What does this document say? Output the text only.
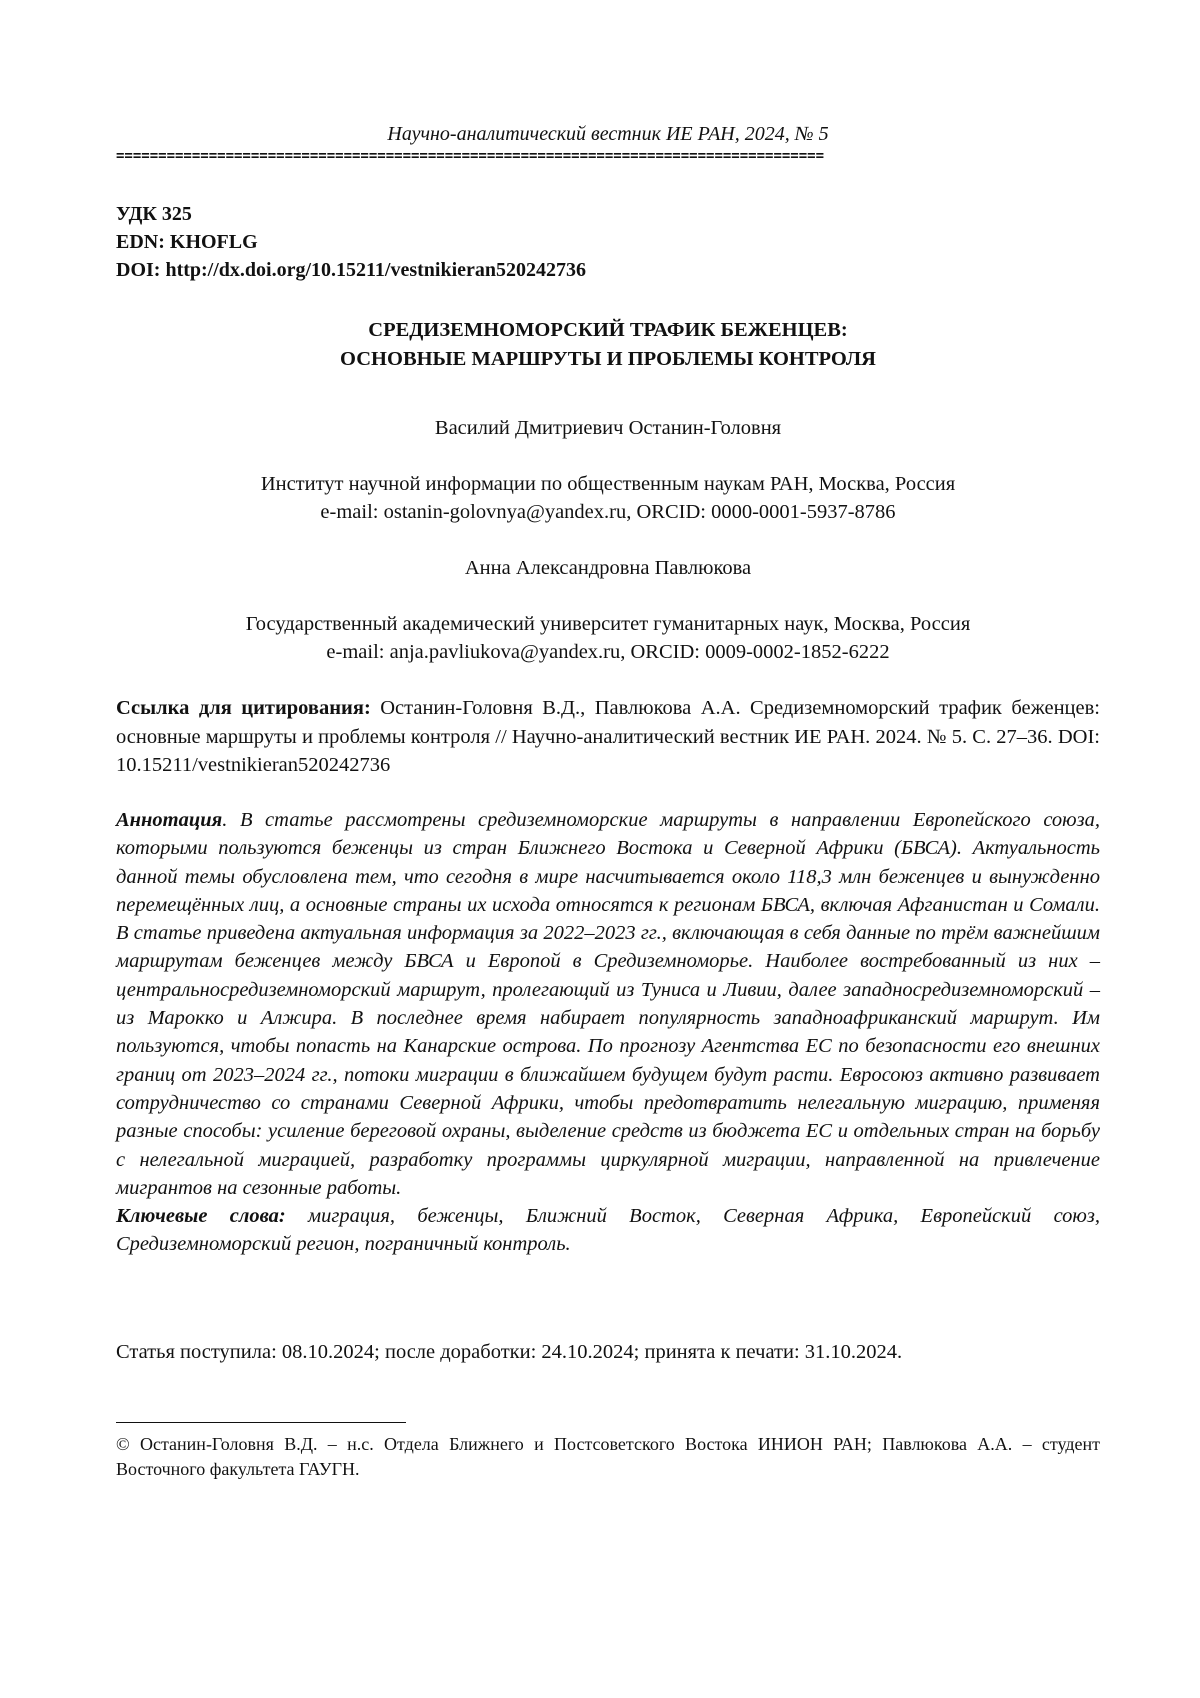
Научно-аналитический вестник ИЕ РАН, 2024, № 5
====================================================================================
УДК 325
EDN: KHOFLG
DOI: http://dx.doi.org/10.15211/vestnikieran520242736
СРЕДИЗЕМНОМОРСКИЙ ТРАФИК БЕЖЕНЦЕВ:
ОСНОВНЫЕ МАРШРУТЫ И ПРОБЛЕМЫ КОНТРОЛЯ
Василий Дмитриевич Останин-Головня
Институт научной информации по общественным наукам РАН, Москва, Россия
e-mail: ostanin-golovnya@yandex.ru, ORCID: 0000-0001-5937-8786
Анна Александровна Павлюкова
Государственный академический университет гуманитарных наук, Москва, Россия
e-mail: anja.pavliukova@yandex.ru, ORCID: 0009-0002-1852-6222
Ссылка для цитирования: Останин-Головня В.Д., Павлюкова А.А. Средиземноморский трафик беженцев: основные маршруты и проблемы контроля // Научно-аналитический вестник ИЕ РАН. 2024. № 5. С. 27–36. DOI: 10.15211/vestnikieran520242736
Аннотация. В статье рассмотрены средиземноморские маршруты в направлении Европейского союза, которыми пользуются беженцы из стран Ближнего Востока и Северной Африки (БВСА). Актуальность данной темы обусловлена тем, что сегодня в мире насчитывается около 118,3 млн беженцев и вынужденно перемещённых лиц, а основные страны их исхода относятся к регионам БВСА, включая Афганистан и Сомали. В статье приведена актуальная информация за 2022–2023 гг., включающая в себя данные по трём важнейшим маршрутам беженцев между БВСА и Европой в Средиземноморье. Наиболее востребованный из них – центральносредиземноморский маршрут, пролегающий из Туниса и Ливии, далее западносредиземноморский – из Марокко и Алжира. В последнее время набирает популярность западноафриканский маршрут. Им пользуются, чтобы попасть на Канарские острова. По прогнозу Агентства ЕС по безопасности его внешних границ от 2023–2024 гг., потоки миграции в ближайшем будущем будут расти. Евросоюз активно развивает сотрудничество со странами Северной Африки, чтобы предотвратить нелегальную миграцию, применяя разные способы: усиление береговой охраны, выделение средств из бюджета ЕС и отдельных стран на борьбу с нелегальной миграцией, разработку программы циркулярной миграции, направленной на привлечение мигрантов на сезонные работы.
Ключевые слова: миграция, беженцы, Ближний Восток, Северная Африка, Европейский союз, Средиземноморский регион, пограничный контроль.
Статья поступила: 08.10.2024; после доработки: 24.10.2024; принята к печати: 31.10.2024.
© Останин-Головня В.Д. – н.с. Отдела Ближнего и Постсоветского Востока ИНИОН РАН; Павлюкова А.А. – студент Восточного факультета ГАУГН.
